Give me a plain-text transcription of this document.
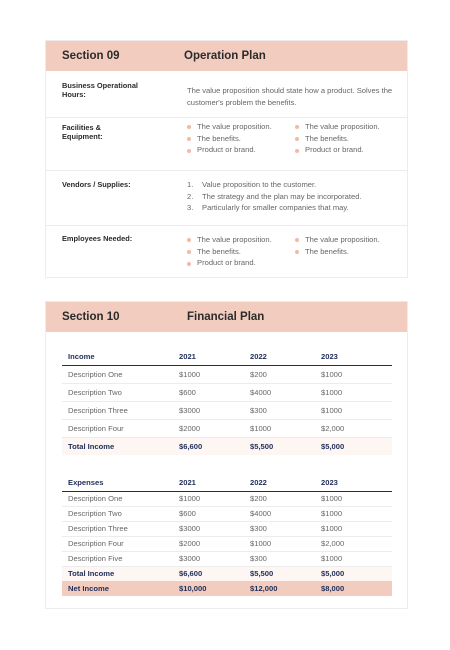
Section 09	Operation Plan
Business Operational Hours:	The value proposition should state how a product. Solves the customer's problem the benefits.
Facilities & Equipment:
The value proposition.
The benefits.
Product or brand.
The value proposition.
The benefits.
Product or brand.
Vendors / Supplies:	1. Value proposition to the customer.
2. The strategy and the plan may be incorporated.
3. Particularly for smaller companies that may.
Employees Needed:	The value proposition.
The benefits.
Product or brand.
The value proposition.
The benefits.
Section 10	Financial Plan
Income	2021	2022	2023
Description One	$1000	$200	$1000
Description Two	$600	$4000	$1000
Description Three	$3000	$300	$1000
Description Four	$2000	$1000	$2,000
Total Income	$6,600	$5,500	$5,000
Expenses	2021	2022	2023
Description One	$1000	$200	$1000
Description Two	$600	$4000	$1000
Description Three	$3000	$300	$1000
Description Four	$2000	$1000	$2,000
Description Five	$3000	$300	$1000
Total Income	$6,600	$5,500	$5,000
Net Income	$10,000	$12,000	$8,000
